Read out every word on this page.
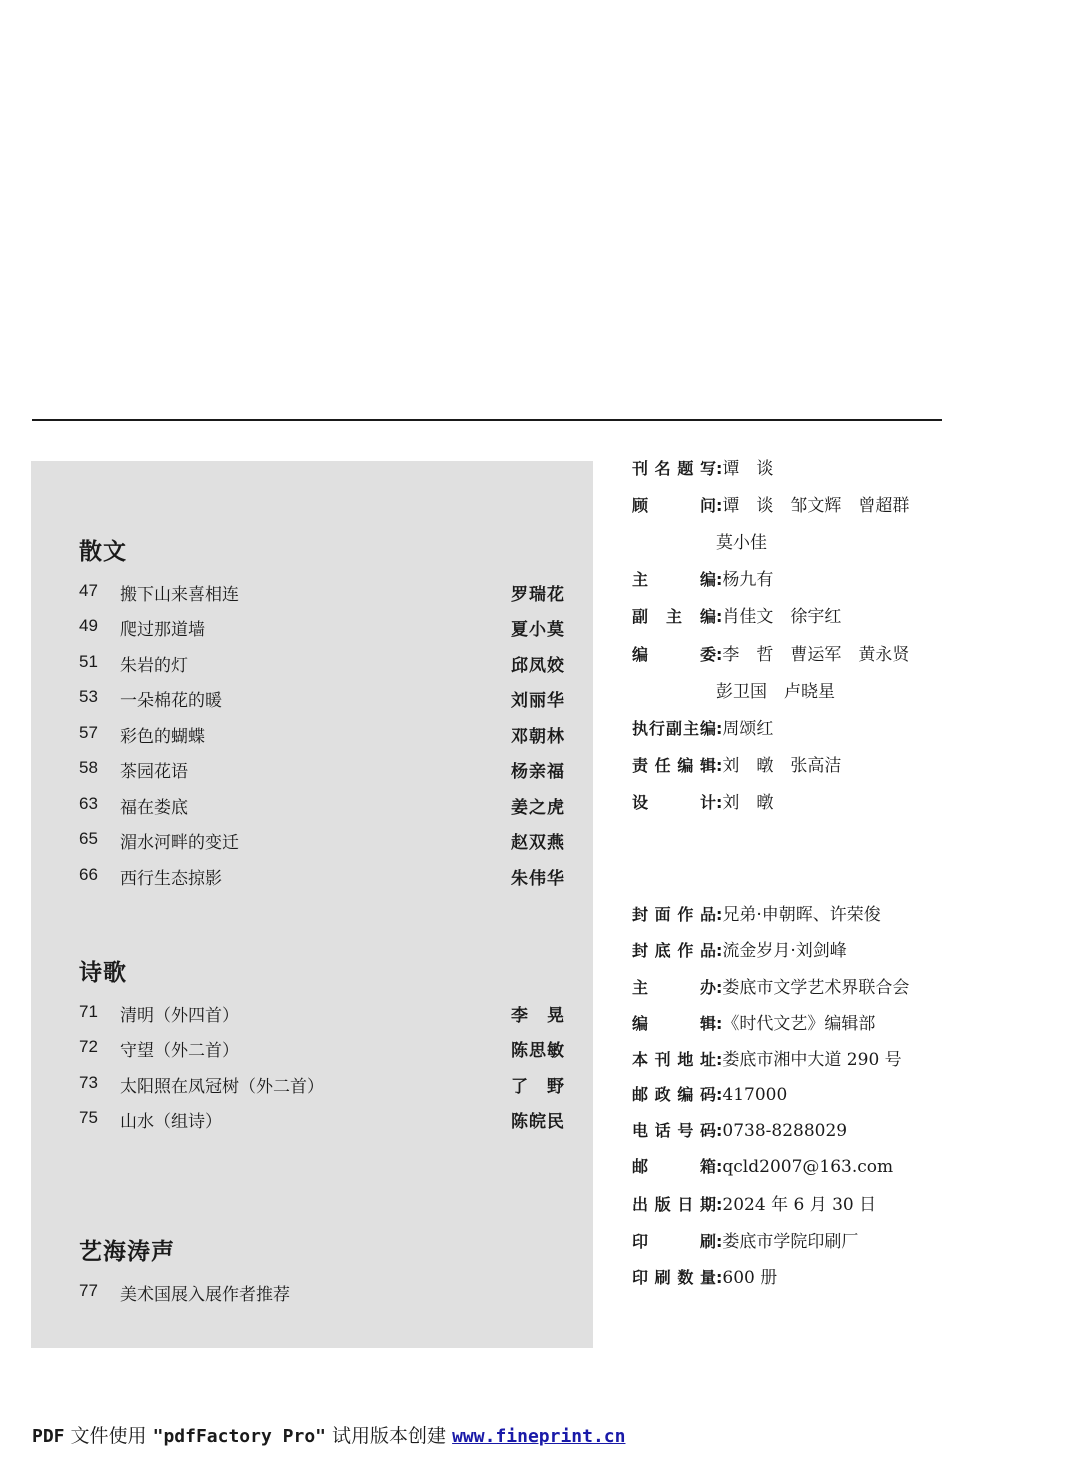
散文
47 搬下山来喜相连	罗瑞花
49 爬过那道墙	夏小莫
51 朱岩的灯	邱凤姣
53 一朵棉花的暖	刘丽华
57 彩色的蝴蝶	邓朝林
58 茶园花语	杨亲福
63 福在娄底	姜之虎
65 湄水河畔的变迁	赵双燕
66 西行生态掠影	朱伟华
诗歌
71 清明（外四首）	李　晃
72 守望（外二首）	陈思敏
73 太阳照在凤冠树（外二首）	了　野
75 山水（组诗）	陈皖民
艺海涛声
77 美术国展入展作者推荐
刊名题写:谭　谈
顾　　问:谭　谈　邹文辉　曾超群
莫小佳
主　　编:杨九有
副 主 编:肖佳文　徐宇红
编　　委:李　哲　曹运军　黄永贤
彭卫国　卢晓星
执行副主编:周颂红
责任编辑:刘　暾　张高洁
设　　计:刘　暾
封面作品:兄弟·申朝晖、许荣俊
封底作品:流金岁月·刘剑峰
主　　办:娄底市文学艺术界联合会
编　　辑:《时代文艺》编辑部
本刊地址:娄底市湘中大道 290 号
邮政编码:417000
电话号码:0738-8288029
邮　　箱:qcld2007@163.com
出版日期:2024 年 6 月 30 日
印　　刷:娄底市学院印刷厂
印刷数量:600 册
PDF 文件使用 "pdfFactory Pro" 试用版本创建 www.fineprint.cn
